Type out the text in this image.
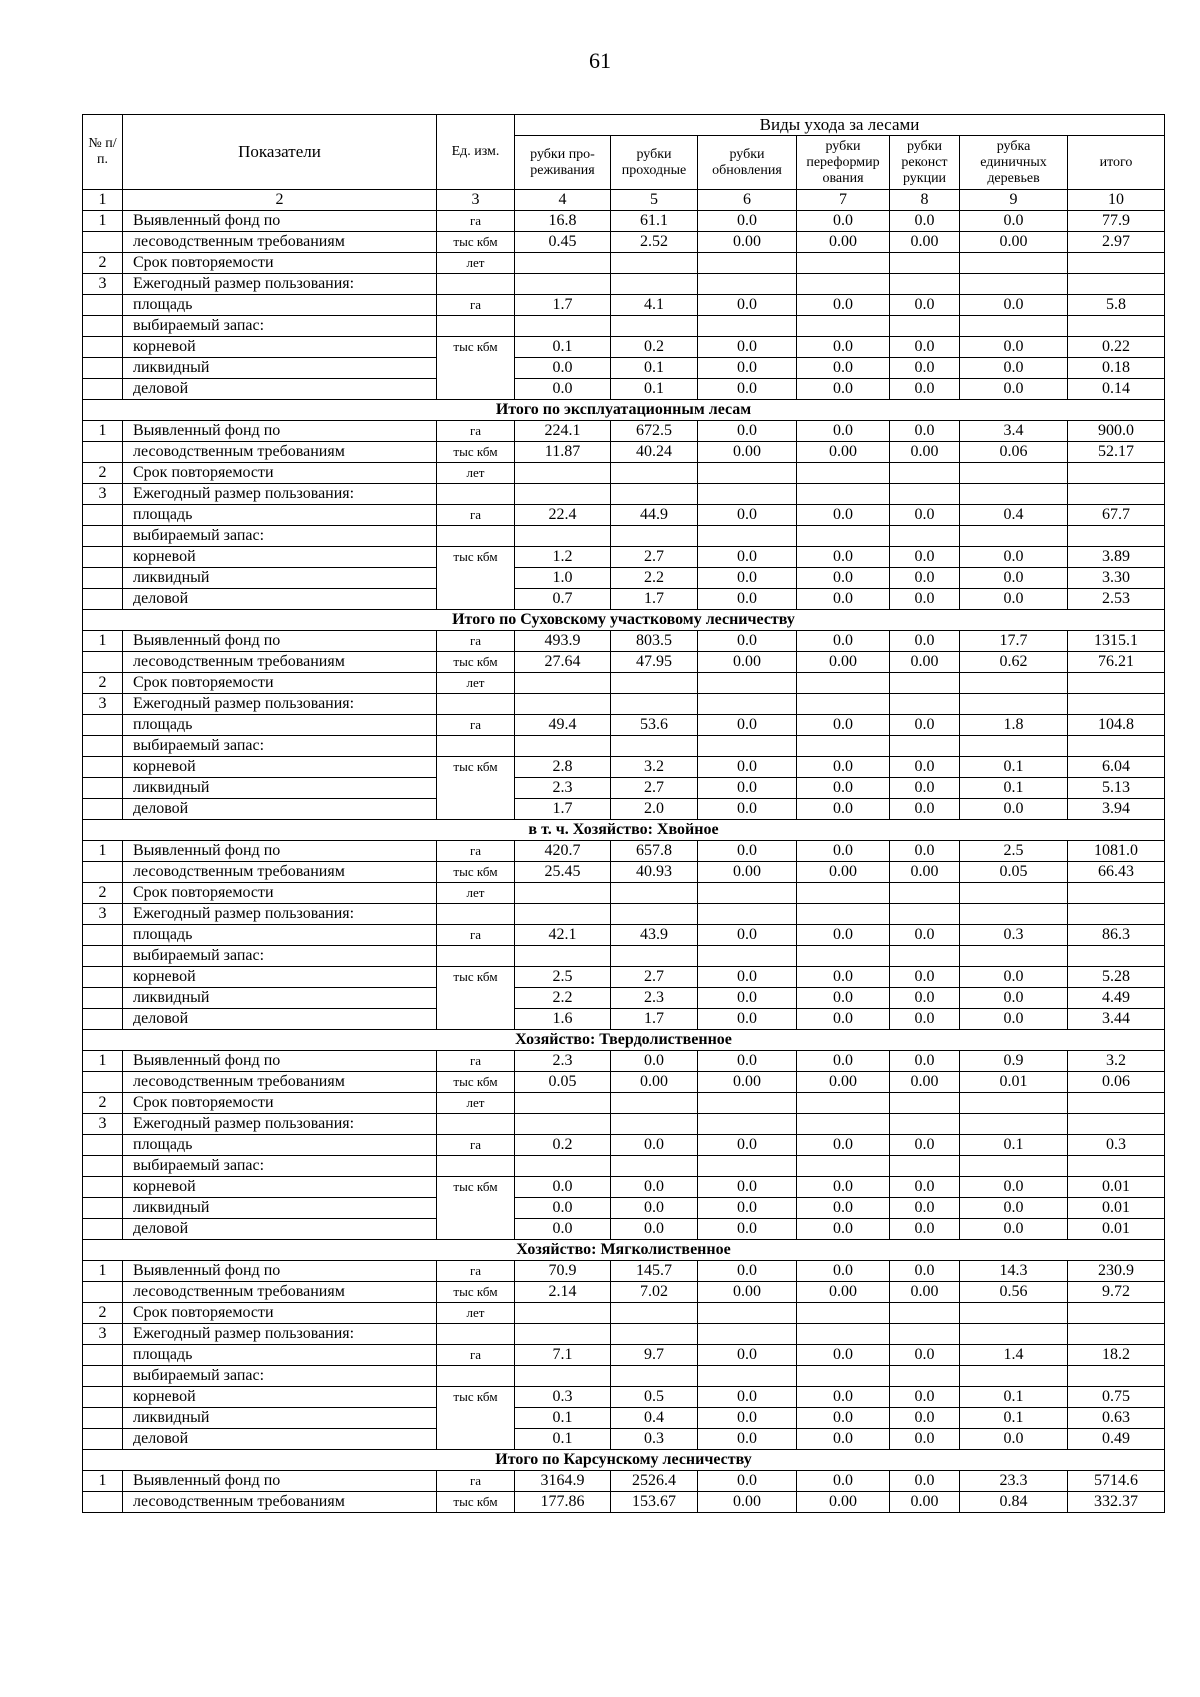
61
№ п/ п.	Показатели	Ед. изм.	Виды ухода за лесами						
			рубки про-реживания	рубки проходные	рубки обновления	рубки переформир ования	рубки реконст рукции	рубка единичных деревьев	итого
1	2	3	4	5	6	7	8	9	10
1	Выявленный фонд по	га	16.8	61.1	0.0	0.0	0.0	0.0	77.9
	лесоводственным требованиям	тыс кбм	0.45	2.52	0.00	0.00	0.00	0.00	2.97
2	Срок повторяемости	лет							
3	Ежегодный размер пользования:								
	площадь	га	1.7	4.1	0.0	0.0	0.0	0.0	5.8
	выбираемый запас:								
	корневой	тыс кбм	0.1	0.2	0.0	0.0	0.0	0.0	0.22
	ликвидный		0.0	0.1	0.0	0.0	0.0	0.0	0.18
	деловой		0.0	0.1	0.0	0.0	0.0	0.0	0.14
Итого по эксплуатационным лесам									
1	Выявленный фонд по	га	224.1	672.5	0.0	0.0	0.0	3.4	900.0
	лесоводственным требованиям	тыс кбм	11.87	40.24	0.00	0.00	0.00	0.06	52.17
2	Срок повторяемости	лет							
3	Ежегодный размер пользования:								
	площадь	га	22.4	44.9	0.0	0.0	0.0	0.4	67.7
	выбираемый запас:								
	корневой	тыс кбм	1.2	2.7	0.0	0.0	0.0	0.0	3.89
	ликвидный		1.0	2.2	0.0	0.0	0.0	0.0	3.30
	деловой		0.7	1.7	0.0	0.0	0.0	0.0	2.53
Итого по Суховскому участковому лесничеству									
1	Выявленный фонд по	га	493.9	803.5	0.0	0.0	0.0	17.7	1315.1
	лесоводственным требованиям	тыс кбм	27.64	47.95	0.00	0.00	0.00	0.62	76.21
2	Срок повторяемости	лет							
3	Ежегодный размер пользования:								
	площадь	га	49.4	53.6	0.0	0.0	0.0	1.8	104.8
	выбираемый запас:								
	корневой	тыс кбм	2.8	3.2	0.0	0.0	0.0	0.1	6.04
	ликвидный		2.3	2.7	0.0	0.0	0.0	0.1	5.13
	деловой		1.7	2.0	0.0	0.0	0.0	0.0	3.94
в т. ч. Хозяйство: Хвойное									
1	Выявленный фонд по	га	420.7	657.8	0.0	0.0	0.0	2.5	1081.0
	лесоводственным требованиям	тыс кбм	25.45	40.93	0.00	0.00	0.00	0.05	66.43
2	Срок повторяемости	лет							
3	Ежегодный размер пользования:								
	площадь	га	42.1	43.9	0.0	0.0	0.0	0.3	86.3
	выбираемый запас:								
	корневой	тыс кбм	2.5	2.7	0.0	0.0	0.0	0.0	5.28
	ликвидный		2.2	2.3	0.0	0.0	0.0	0.0	4.49
	деловой		1.6	1.7	0.0	0.0	0.0	0.0	3.44
Хозяйство: Твердолиственное									
1	Выявленный фонд по	га	2.3	0.0	0.0	0.0	0.0	0.9	3.2
	лесоводственным требованиям	тыс кбм	0.05	0.00	0.00	0.00	0.00	0.01	0.06
2	Срок повторяемости	лет							
3	Ежегодный размер пользования:								
	площадь	га	0.2	0.0	0.0	0.0	0.0	0.1	0.3
	выбираемый запас:								
	корневой	тыс кбм	0.0	0.0	0.0	0.0	0.0	0.0	0.01
	ликвидный		0.0	0.0	0.0	0.0	0.0	0.0	0.01
	деловой		0.0	0.0	0.0	0.0	0.0	0.0	0.01
Хозяйство: Мягколиственное									
1	Выявленный фонд по	га	70.9	145.7	0.0	0.0	0.0	14.3	230.9
	лесоводственным требованиям	тыс кбм	2.14	7.02	0.00	0.00	0.00	0.56	9.72
2	Срок повторяемости	лет							
3	Ежегодный размер пользования:								
	площадь	га	7.1	9.7	0.0	0.0	0.0	1.4	18.2
	выбираемый запас:								
	корневой	тыс кбм	0.3	0.5	0.0	0.0	0.0	0.1	0.75
	ликвидный		0.1	0.4	0.0	0.0	0.0	0.1	0.63
	деловой		0.1	0.3	0.0	0.0	0.0	0.0	0.49
Итого по Карсунскому лесничеству									
1	Выявленный фонд по	га	3164.9	2526.4	0.0	0.0	0.0	23.3	5714.6
	лесоводственным требованиям	тыс кбм	177.86	153.67	0.00	0.00	0.00	0.84	332.37
